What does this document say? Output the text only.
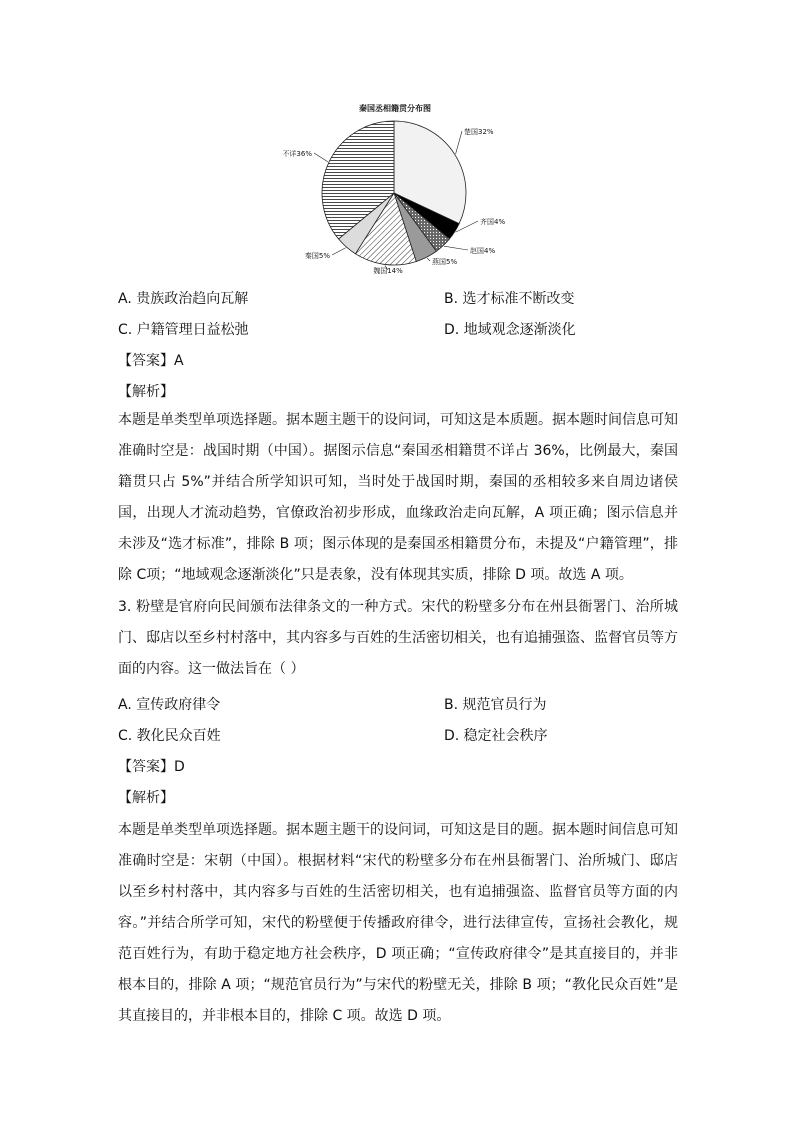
秦国丞相籍贯分布图
楚国32%
齐国4%
赵国4%
燕国5%
魏国14%
秦国5%
不详36%
A. 贵族政治趋向瓦解	B. 选才标准不断改变
C. 户籍管理日益松弛	D. 地域观念逐渐淡化
【答案】A
【解析】
本题是单类型单项选择题。据本题主题干的设问词，可知这是本质题。据本题时间信息可知准确时空是：战国时期（中国）。据图示信息“秦国丞相籍贯不详占 36%，比例最大，秦国籍贯只占 5%”并结合所学知识可知，当时处于战国时期，秦国的丞相较多来自周边诸侯国，出现人才流动趋势，官僚政治初步形成，血缘政治走向瓦解，A 项正确；图示信息并未涉及“选才标准”，排除 B 项；图示体现的是秦国丞相籍贯分布，未提及“户籍管理”，排除 C项；“地域观念逐渐淡化”只是表象，没有体现其实质，排除 D 项。故选 A 项。
3. 粉壁是官府向民间颁布法律条文的一种方式。宋代的粉壁多分布在州县衙署门、治所城门、邸店以至乡村村落中，其内容多与百姓的生活密切相关，也有追捕强盗、监督官员等方面的内容。这一做法旨在（ ）
A. 宣传政府律令	B. 规范官员行为
C. 教化民众百姓	D. 稳定社会秩序
【答案】D
【解析】
本题是单类型单项选择题。据本题主题干的设问词，可知这是目的题。据本题时间信息可知准确时空是：宋朝（中国）。根据材料“宋代的粉壁多分布在州县衙署门、治所城门、邸店以至乡村村落中，其内容多与百姓的生活密切相关，也有追捕强盗、监督官员等方面的内容。”并结合所学可知，宋代的粉壁便于传播政府律令，进行法律宣传，宣扬社会教化，规范百姓行为，有助于稳定地方社会秩序，D 项正确；“宣传政府律令”是其直接目的，并非根本目的，排除 A 项；“规范官员行为”与宋代的粉壁无关，排除 B 项；“教化民众百姓”是其直接目的，并非根本目的，排除 C 项。故选 D 项。
